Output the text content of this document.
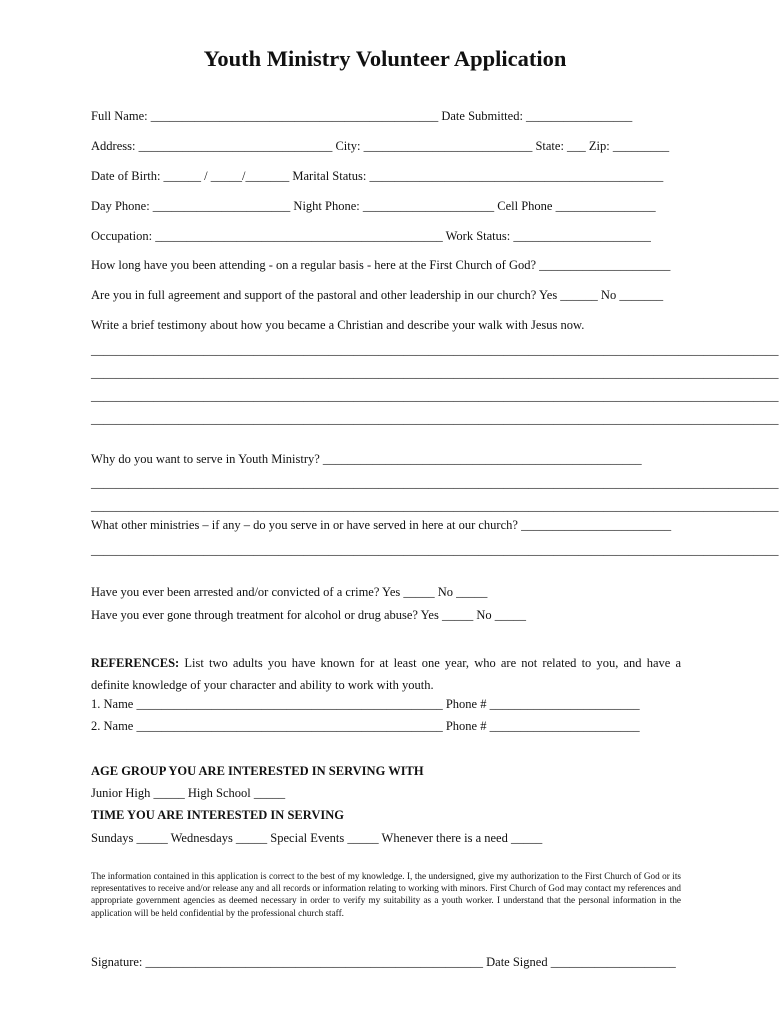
Youth Ministry Volunteer Application
Full Name: ______________________________________________ Date Submitted: _________________
Address: _______________________________ City: ___________________________ State: ___ Zip: _________
Date of Birth: ______ / _____/_______ Marital Status: _______________________________________________
Day Phone: ______________________ Night Phone: _____________________ Cell Phone ________________
Occupation: ______________________________________________ Work Status: ______________________
How long have you been attending - on a regular basis - here at the First Church of God? _____________________
Are you in full agreement and support of the pastoral and other leadership in our church? Yes ______ No _______
Write a brief testimony about how you became a Christian and describe your walk with Jesus now.
______________________________________________________________________________________________________________
______________________________________________________________________________________________________________
______________________________________________________________________________________________________________
______________________________________________________________________________________________________________
Why do you want to serve in Youth Ministry? ___________________________________________________
______________________________________________________________________________________________________________
______________________________________________________________________________________________________________
What other ministries – if any – do you serve in or have served in here at our church? ________________________
______________________________________________________________________________________________________________
Have you ever been arrested and/or convicted of a crime? Yes _____ No _____
Have you ever gone through treatment for alcohol or drug abuse? Yes _____ No _____
REFERENCES: List two adults you have known for at least one year, who are not related to you, and have a definite knowledge of your character and ability to work with youth.
1. Name _________________________________________________ Phone # ________________________
2. Name _________________________________________________ Phone # ________________________
AGE GROUP YOU ARE INTERESTED IN SERVING WITH
Junior High _____ High School _____
TIME YOU ARE INTERESTED IN SERVING
Sundays _____ Wednesdays _____ Special Events _____ Whenever there is a need _____
The information contained in this application is correct to the best of my knowledge. I, the undersigned, give my authorization to the First Church of God or its representatives to receive and/or release any and all records or information relating to working with minors. First Church of God may contact my references and appropriate government agencies as deemed necessary in order to verify my suitability as a youth worker. I understand that the personal information in the application will be held confidential by the professional church staff.
Signature: ______________________________________________________ Date Signed ____________________
